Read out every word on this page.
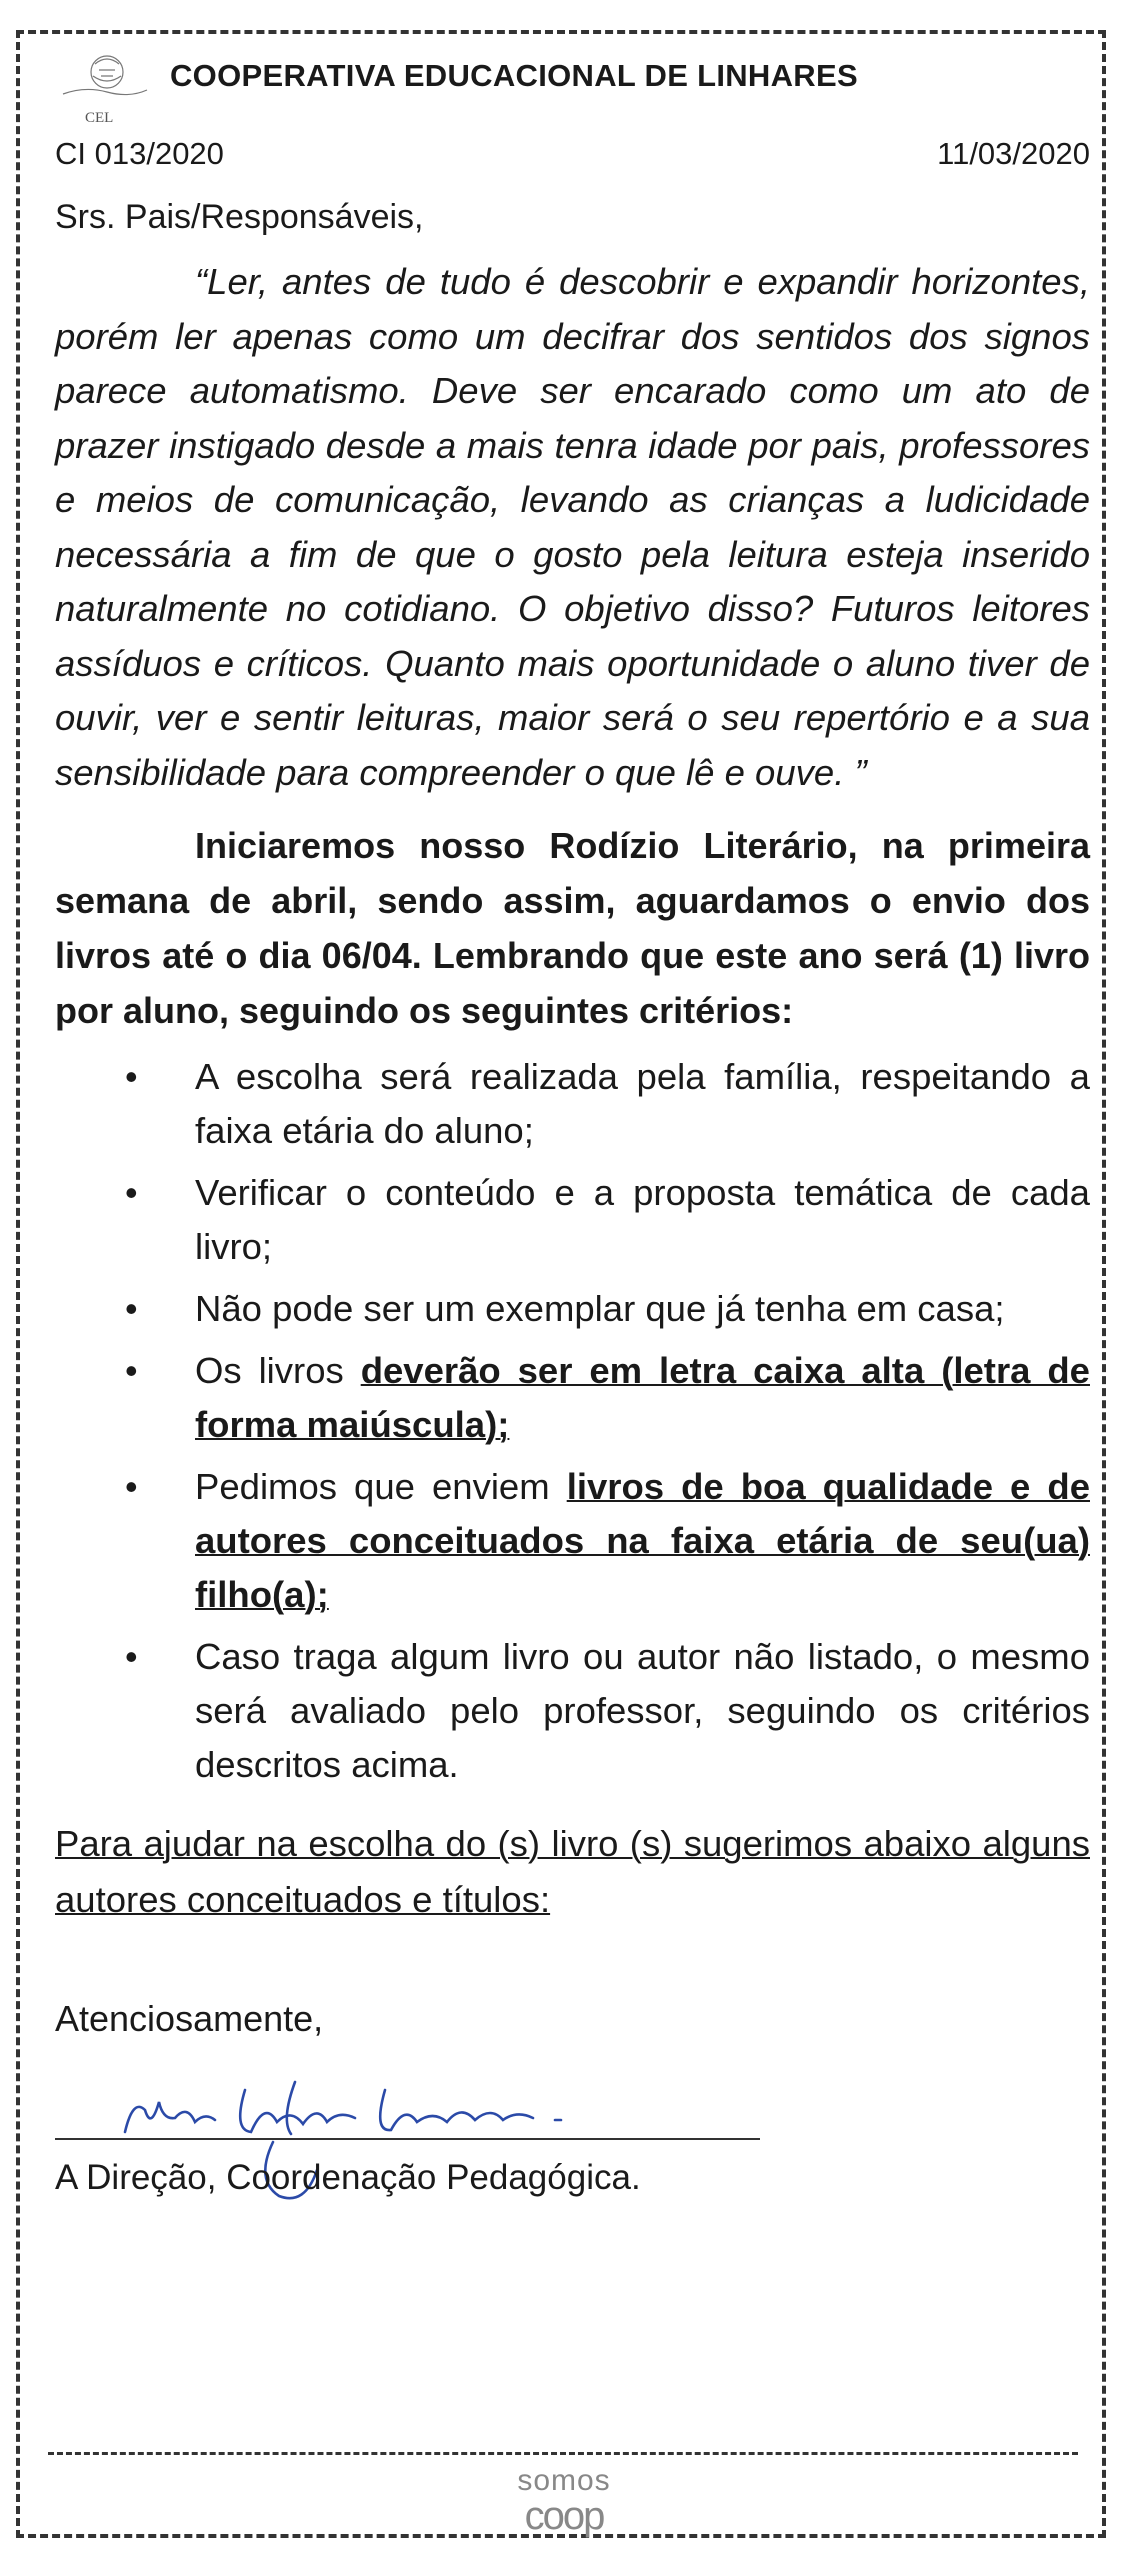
CEL
COOPERATIVA EDUCACIONAL DE LINHARES
CI 013/2020	11/03/2020
Srs. Pais/Responsáveis,

“Ler, antes de tudo é descobrir e expandir horizontes, porém ler apenas como um decifrar dos sentidos dos signos parece automatismo. Deve ser encarado como um ato de prazer instigado desde a mais tenra idade por pais, professores e meios de comunicação, levando as crianças a ludicidade necessária a fim de que o gosto pela leitura esteja inserido naturalmente no cotidiano. O objetivo disso? Futuros leitores assíduos e críticos. Quanto mais oportunidade o aluno tiver de ouvir, ver e sentir leituras, maior será o seu repertório e a sua sensibilidade para compreender o que lê e ouve. ”

Iniciaremos nosso Rodízio Literário, na primeira semana de abril, sendo assim, aguardamos o envio dos livros até o dia 06/04. Lembrando que este ano será (1) livro por aluno, seguindo os seguintes critérios:

• A escolha será realizada pela família, respeitando a faixa etária do aluno;
• Verificar o conteúdo e a proposta temática de cada livro;
• Não pode ser um exemplar que já tenha em casa;
• Os livros deverão ser em letra caixa alta (letra de forma maiúscula);
• Pedimos que enviem livros de boa qualidade e de autores conceituados na faixa etária de seu(ua) filho(a);
• Caso traga algum livro ou autor não listado, o mesmo será avaliado pelo professor, seguindo os critérios descritos acima.

Para ajudar na escolha do (s) livro (s) sugerimos abaixo alguns autores conceituados e títulos:

Atenciosamente,
A Direção, Coordenação Pedagógica.
somos
coop
